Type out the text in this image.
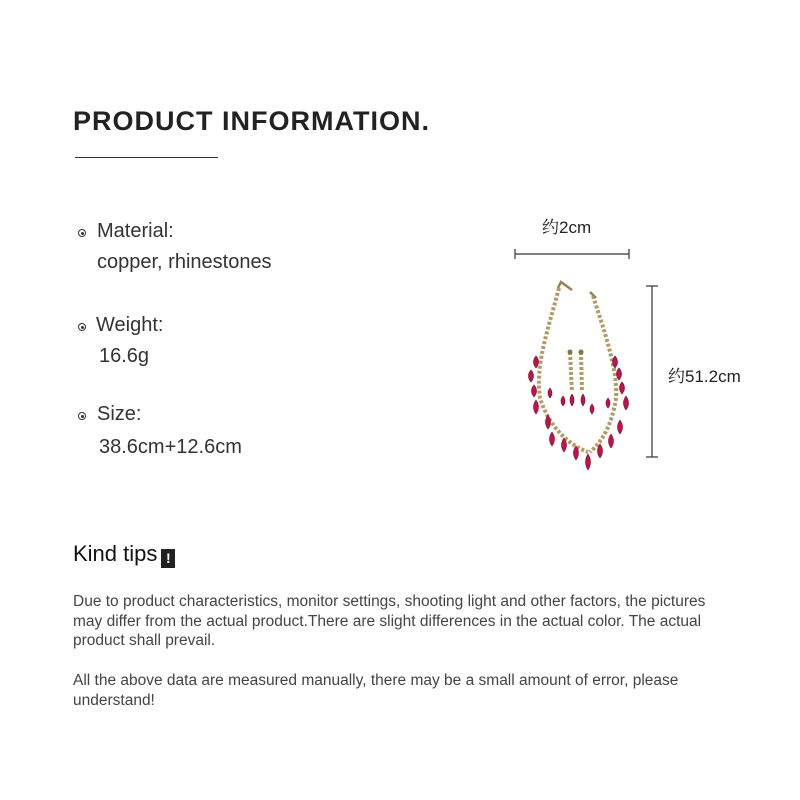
PRODUCT INFORMATION.
Material:
copper, rhinestones
Weight:
16.6g
Size:
38.6cm+12.6cm
约2cm
约51.2cm
Kind tips !

Due to product characteristics, monitor settings, shooting light and other factors, the pictures may differ from the actual product.There are slight differences in the actual color. The actual product shall prevail.

All the above data are measured manually, there may be a small amount of error, please understand!
